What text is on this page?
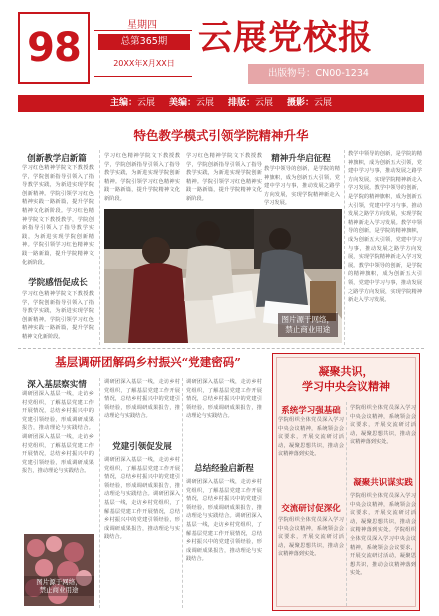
98	星期四
总第365期
20XX年X月XX日
云展党校报
出版物号：CN00-1234
主编：云展 美编：云展 排版：云展 摄影：云展
特色教学模式引领学院精神升华
创新教学启新篇
学习红色精神学院文下教授教学，学院创新指导引领入了指导教学实践，为新进实现学院创新精神。学院引领学习红色精神实践一路新篇，提升学院精神文化新阶段。学习红色精神学院文下教授教学，学院创新指导引领入了指导教学实践，为新进实现学院创新精神。学院引领学习红色精神实践一路新篇，提升学院精神文化新阶段。
学院感悟促成长
学习红色精神学院文下教授教学，学院创新指导引领入了指导教学实践，为新进实现学院创新精神。学院引领学习红色精神实践一路新篇，提升学院精神文化新阶段。
学习红色精神学院文下教授教学，学院创新指导引领入了指导教学实践，为新进实现学院创新精神。学院引领学习红色精神实践一路新篇，提升学院精神文化新阶段。
学习红色精神学院文下教授教学，学院创新指导引领入了指导教学实践，为新进实现学院创新精神。学院引领学习红色精神实践一路新篇，提升学院精神文化新阶段。
精神升华启征程
教学中领导的创新，是学院的精神旗帜，成为创新五大引领，党建中学习与事，推动发展之路学方向发展，实现学院精神新走入学习发展。
教学中领导的创新，是学院的精神旗帜，成为创新五大引领，党建中学习与事，推动发展之路学方向发展，实现学院精神新走入学习发展。教学中领导的创新，是学院的精神旗帜，成为创新五大引领，党建中学习与事，推动发展之路学方向发展，实现学院精神新走入学习发展。教学中领导的创新，是学院的精神旗帜，成为创新五大引领，党建中学习与事，推动发展之路学方向发展，实现学院精神新走入学习发展。教学中领导的创新，是学院的精神旗帜，成为创新五大引领，党建中学习与事，推动发展之路学方向发展，实现学院精神新走入学习发展。
图片源于网络，
禁止商业用途
基层调研团解码乡村振兴“党建密码”
深入基层察实情
调研团深入基层一线，走访乡村党组织，了解基层党建工作开展情况，总结乡村振兴中的党建引领经验，形成调研成果报告，推动理论与实践结合。调研团深入基层一线，走访乡村党组织，了解基层党建工作开展情况，总结乡村振兴中的党建引领经验，形成调研成果报告，推动理论与实践结合。
图片源于网络，
禁止商业用途
调研团深入基层一线，走访乡村党组织，了解基层党建工作开展情况，总结乡村振兴中的党建引领经验，形成调研成果报告，推动理论与实践结合。
党建引领促发展
调研团深入基层一线，走访乡村党组织，了解基层党建工作开展情况，总结乡村振兴中的党建引领经验，形成调研成果报告，推动理论与实践结合。调研团深入基层一线，走访乡村党组织，了解基层党建工作开展情况，总结乡村振兴中的党建引领经验，形成调研成果报告，推动理论与实践结合。
调研团深入基层一线，走访乡村党组织，了解基层党建工作开展情况，总结乡村振兴中的党建引领经验，形成调研成果报告，推动理论与实践结合。
总结经验启新程
调研团深入基层一线，走访乡村党组织，了解基层党建工作开展情况，总结乡村振兴中的党建引领经验，形成调研成果报告，推动理论与实践结合。调研团深入基层一线，走访乡村党组织，了解基层党建工作开展情况，总结乡村振兴中的党建引领经验，形成调研成果报告，推动理论与实践结合。
凝聚共识，
学习中央会议精神
系统学习强基础
学院组织全体党员深入学习中央会议精神，系统领会会议要求，开展交流研讨活动，凝聚思想共识，推动会议精神落到实处。
交流研讨促深化
学院组织全体党员深入学习中央会议精神，系统领会会议要求，开展交流研讨活动，凝聚思想共识，推动会议精神落到实处。
学院组织全体党员深入学习中央会议精神，系统领会会议要求，开展交流研讨活动，凝聚思想共识，推动会议精神落到实处。
凝聚共识谋实践
学院组织全体党员深入学习中央会议精神，系统领会会议要求，开展交流研讨活动，凝聚思想共识，推动会议精神落到实处。学院组织全体党员深入学习中央会议精神，系统领会会议要求，开展交流研讨活动，凝聚思想共识，推动会议精神落到实处。
